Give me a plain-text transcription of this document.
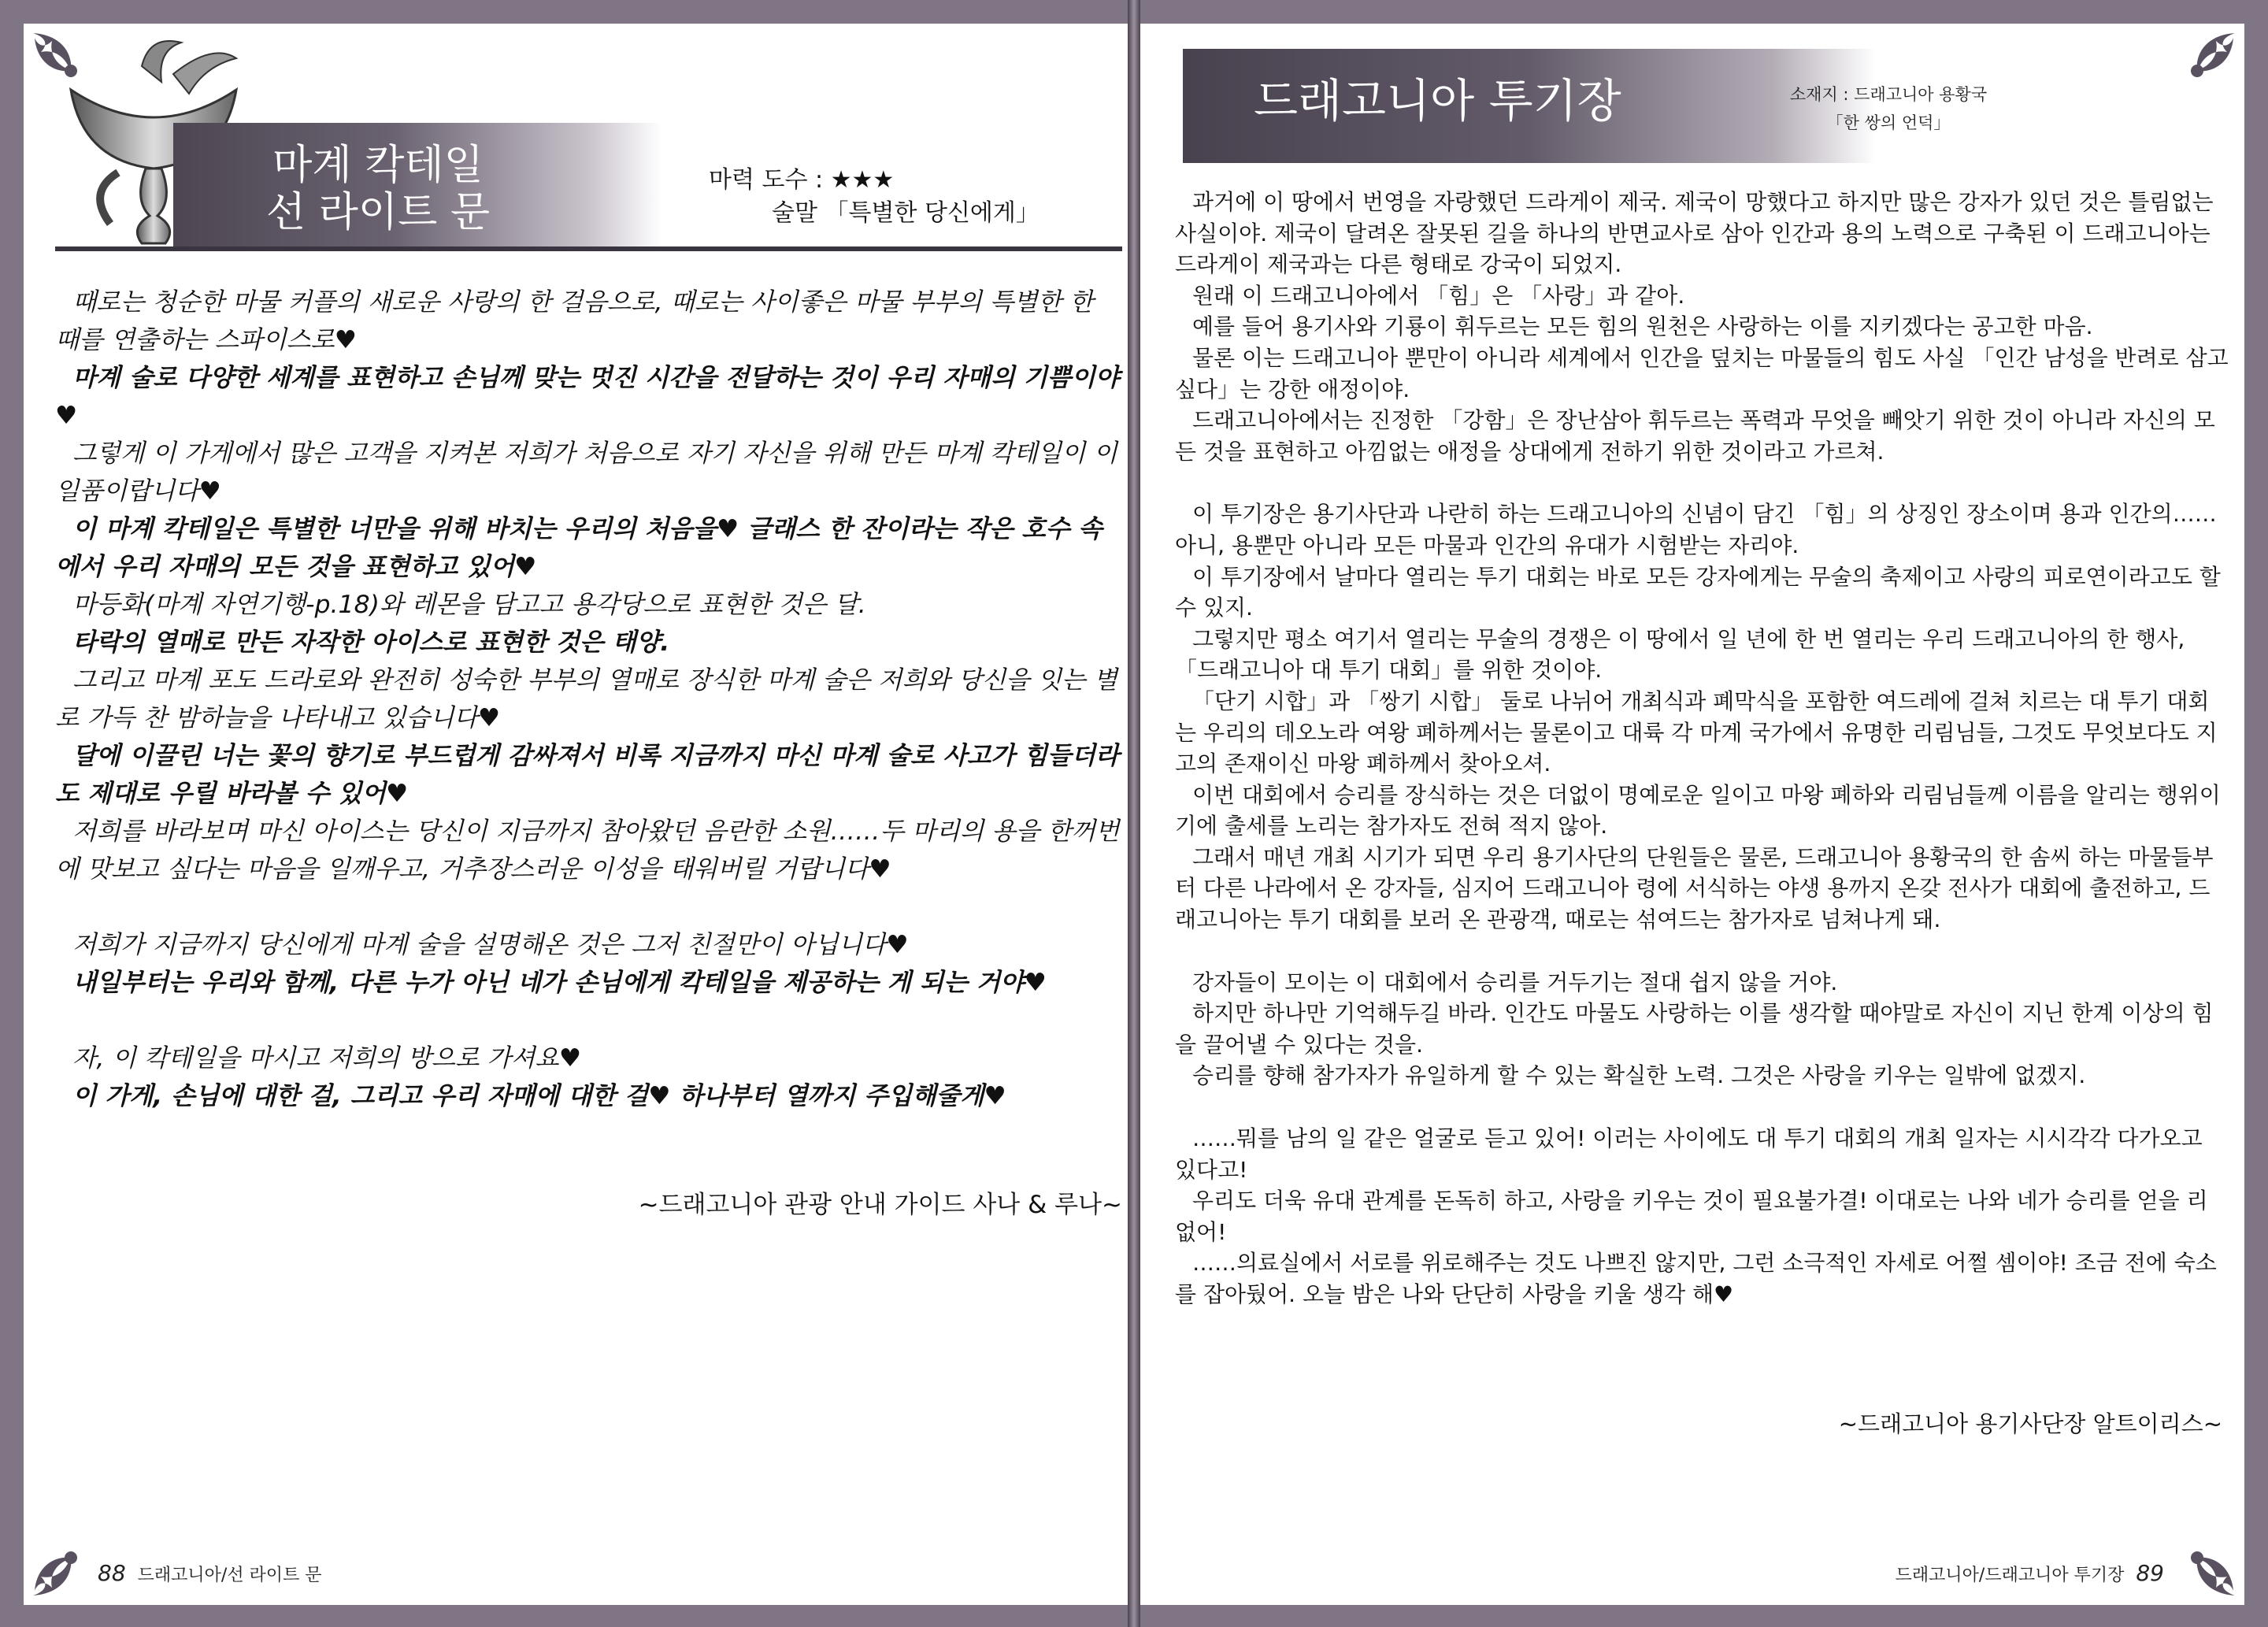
마계 칵테일
선 라이트 문
마력 도수 : ★★★
술말 「특별한 당신에게」

때로는 청순한 마물 커플의 새로운 사랑의 한 걸음으로, 때로는 사이좋은 마물 부부의 특별한 한 때를 연출하는 스파이스로♥

마계 술로 다양한 세계를 표현하고 손님께 맞는 멋진 시간을 전달하는 것이 우리 자매의 기쁨이야♥

그렇게 이 가게에서 많은 고객을 지켜본 저희가 처음으로 자기 자신을 위해 만든 마계 칵테일이 이 일품이랍니다♥

이 마계 칵테일은 특별한 너만을 위해 바치는 우리의 처음을♥ 글래스 한 잔이라는 작은 호수 속에서 우리 자매의 모든 것을 표현하고 있어♥

마등화(마계 자연기행-p.18)와 레몬을 담고고 용각당으로 표현한 것은 달.

타락의 열매로 만든 자작한 아이스로 표현한 것은 태양.

그리고 마계 포도 드라로와 완전히 성숙한 부부의 열매로 장식한 마계 술은 저희와 당신을 잇는 별로 가득 찬 밤하늘을 나타내고 있습니다♥

달에 이끌린 너는 꽃의 향기로 부드럽게 감싸져서 비록 지금까지 마신 마계 술로 사고가 힘들더라도 제대로 우릴 바라볼 수 있어♥

저희를 바라보며 마신 아이스는 당신이 지금까지 참아왔던 음란한 소원……두 마리의 용을 한꺼번에 맛보고 싶다는 마음을 일깨우고, 거추장스러운 이성을 태워버릴 거랍니다♥

저희가 지금까지 당신에게 마계 술을 설명해온 것은 그저 친절만이 아닙니다♥

내일부터는 우리와 함께, 다른 누가 아닌 네가 손님에게 칵테일을 제공하는 게 되는 거야♥

자, 이 칵테일을 마시고 저희의 방으로 가셔요♥

이 가게, 손님에 대한 걸, 그리고 우리 자매에 대한 걸♥ 하나부터 열까지 주입해줄게♥

~드래고니아 관광 안내 가이드 사나 & 루나~
88 드래고니아/선 라이트 문
드래고니아 투기장	소재지 : 드래고니아 용황국
「한 쌍의 언덕」

과거에 이 땅에서 번영을 자랑했던 드라게이 제국. 제국이 망했다고 하지만 많은 강자가 있던 것은 틀림없는 사실이야. 제국이 달려온 잘못된 길을 하나의 반면교사로 삼아 인간과 용의 노력으로 구축된 이 드래고니아는 드라게이 제국과는 다른 형태로 강국이 되었지.

원래 이 드래고니아에서 「힘」은 「사랑」과 같아.

예를 들어 용기사와 기룡이 휘두르는 모든 힘의 원천은 사랑하는 이를 지키겠다는 공고한 마음.

물론 이는 드래고니아 뿐만이 아니라 세계에서 인간을 덮치는 마물들의 힘도 사실 「인간 남성을 반려로 삼고 싶다」는 강한 애정이야.

드래고니아에서는 진정한 「강함」은 장난삼아 휘두르는 폭력과 무엇을 빼앗기 위한 것이 아니라 자신의 모든 것을 표현하고 아낌없는 애정을 상대에게 전하기 위한 것이라고 가르쳐.

이 투기장은 용기사단과 나란히 하는 드래고니아의 신념이 담긴 「힘」의 상징인 장소이며 용과 인간의……아니, 용뿐만 아니라 모든 마물과 인간의 유대가 시험받는 자리야.

이 투기장에서 날마다 열리는 투기 대회는 바로 모든 강자에게는 무술의 축제이고 사랑의 피로연이라고도 할 수 있지.

그렇지만 평소 여기서 열리는 무술의 경쟁은 이 땅에서 일 년에 한 번 열리는 우리 드래고니아의 한 행사, 「드래고니아 대 투기 대회」를 위한 것이야.

「단기 시합」과 「쌍기 시합」 둘로 나뉘어 개최식과 폐막식을 포함한 여드레에 걸쳐 치르는 대 투기 대회는 우리의 데오노라 여왕 폐하께서는 물론이고 대륙 각 마계 국가에서 유명한 리림님들, 그것도 무엇보다도 지고의 존재이신 마왕 폐하께서 찾아오셔.

이번 대회에서 승리를 장식하는 것은 더없이 명예로운 일이고 마왕 폐하와 리림님들께 이름을 알리는 행위이기에 출세를 노리는 참가자도 전혀 적지 않아.

그래서 매년 개최 시기가 되면 우리 용기사단의 단원들은 물론, 드래고니아 용황국의 한 솜씨 하는 마물들부터 다른 나라에서 온 강자들, 심지어 드래고니아 령에 서식하는 야생 용까지 온갖 전사가 대회에 출전하고, 드래고니아는 투기 대회를 보러 온 관광객, 때로는 섞여드는 참가자로 넘쳐나게 돼.

강자들이 모이는 이 대회에서 승리를 거두기는 절대 쉽지 않을 거야.

하지만 하나만 기억해두길 바라. 인간도 마물도 사랑하는 이를 생각할 때야말로 자신이 지닌 한계 이상의 힘을 끌어낼 수 있다는 것을.

승리를 향해 참가자가 유일하게 할 수 있는 확실한 노력. 그것은 사랑을 키우는 일밖에 없겠지.

……뭐를 남의 일 같은 얼굴로 듣고 있어! 이러는 사이에도 대 투기 대회의 개최 일자는 시시각각 다가오고 있다고!

우리도 더욱 유대 관계를 돈독히 하고, 사랑을 키우는 것이 필요불가결! 이대로는 나와 네가 승리를 얻을 리 없어!

……의료실에서 서로를 위로해주는 것도 나쁘진 않지만, 그런 소극적인 자세로 어쩔 셈이야! 조금 전에 숙소를 잡아뒀어. 오늘 밤은 나와 단단히 사랑을 키울 생각 해♥

~드래고니아 용기사단장 알트이리스~
드래고니아/드래고니아 투기장 89
